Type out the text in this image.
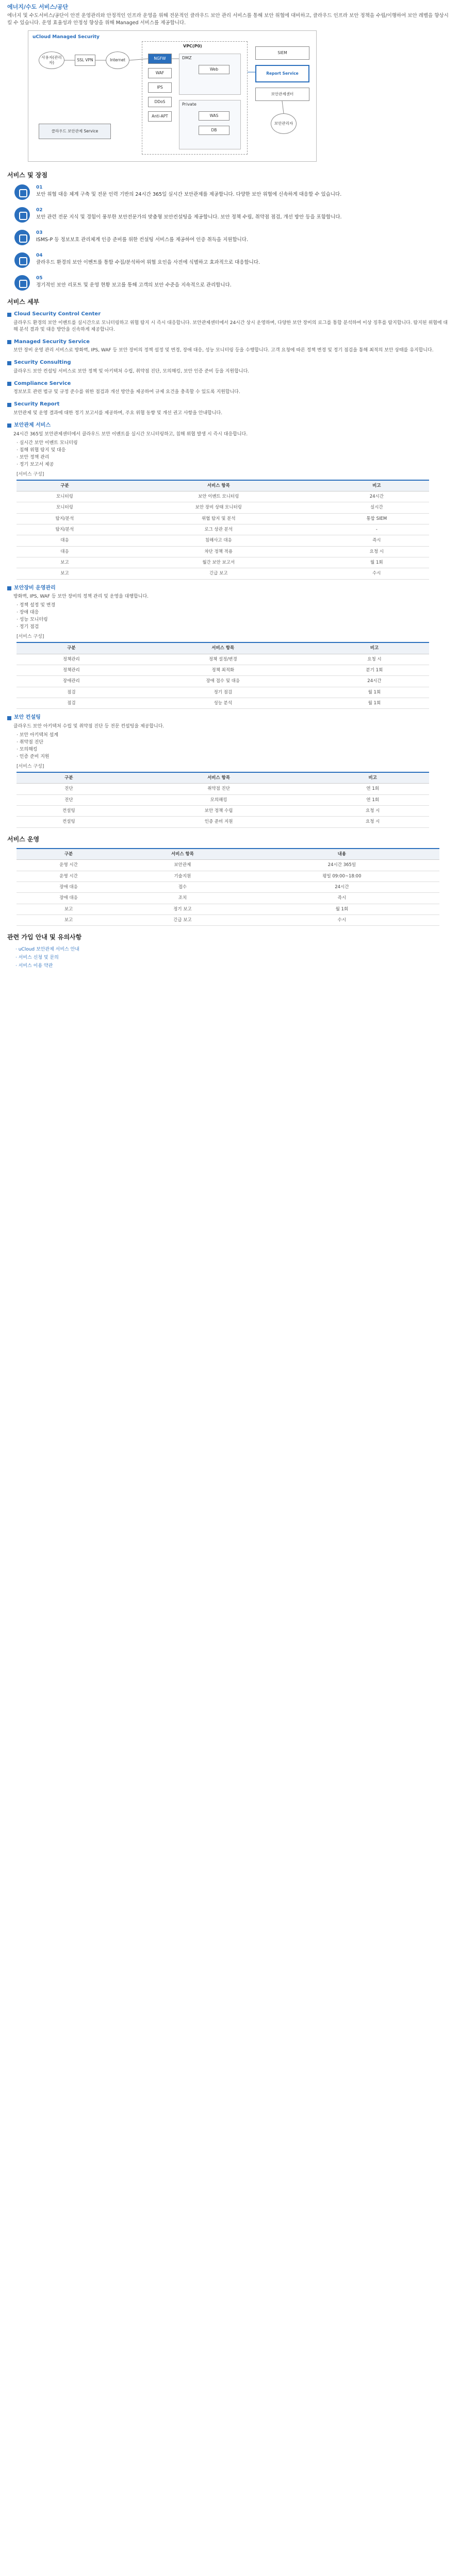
에너지/수도 서비스/공단
에너지 및 수도서비스/공단이 안전 운영관리와 안정적인 인프라 운영을 위해 전문적인 클라우드 보안 관리 서비스를 통해 보안 위협에 대비하고, 클라우드 인프라 보안 정책을 수립/이행하여 보안 레벨을 향상시킬 수 있습니다. 운영 효율성과 안정성 향상을 위해 Managed 서비스를 제공합니다.
uCloud Managed Security
사용자(관리자)
SSL VPN	Internet
VPC(P0)
NGFW
WAF
IPS
DDoS
Anti-APT
DMZ
Web
Private
WAS
DB
SIEM
Report Service
보안관제센터
보안관리자
클라우드 보안관제 Service
서비스 및 장점
01
보안 위협 대응 체계 구축 및 전문 인력 기반의 24시간 365일 실시간 보안관제를 제공합니다. 다양한 보안 위협에 신속하게 대응할 수 있습니다.
02
보안 관련 전문 지식 및 경험이 풍부한 보안전문가의 맞춤형 보안컨설팅을 제공합니다. 보안 정책 수립, 취약점 점검, 개선 방안 등을 포함합니다.
03
ISMS-P 등 정보보호 관리체계 인증 준비를 위한 컨설팅 서비스를 제공하여 인증 취득을 지원합니다.
04
클라우드 환경의 보안 이벤트를 통합 수집/분석하여 위협 요인을 사전에 식별하고 효과적으로 대응합니다.
05
정기적인 보안 리포트 및 운영 현황 보고를 통해 고객의 보안 수준을 지속적으로 관리합니다.
서비스 세부
Cloud Security Control Center
클라우드 환경의 보안 이벤트를 실시간으로 모니터링하고 위협 탐지 시 즉시 대응합니다. 보안관제센터에서 24시간 상시 운영하며, 다양한 보안 장비의 로그를 통합 분석하여 이상 징후를 탐지합니다. 탐지된 위협에 대해 분석 결과 및 대응 방안을 신속하게 제공합니다.
Managed Security Service
보안 장비 운영 관리 서비스로 방화벽, IPS, WAF 등 보안 장비의 정책 설정 및 변경, 장애 대응, 성능 모니터링 등을 수행합니다. 고객 요청에 따른 정책 변경 및 정기 점검을 통해 최적의 보안 상태를 유지합니다.
Security Consulting
클라우드 보안 컨설팅 서비스로 보안 정책 및 아키텍처 수립, 취약점 진단, 모의해킹, 보안 인증 준비 등을 지원합니다.
Compliance Service
정보보호 관련 법규 및 규정 준수를 위한 점검과 개선 방안을 제공하여 규제 요건을 충족할 수 있도록 지원합니다.
Security Report
보안관제 및 운영 결과에 대한 정기 보고서를 제공하며, 주요 위협 동향 및 개선 권고 사항을 안내합니다.
보안관제 서비스
24시간 365일 보안관제센터에서 클라우드 보안 이벤트를 실시간 모니터링하고, 침해 위협 발생 시 즉시 대응합니다.
· 실시간 보안 이벤트 모니터링
· 침해 위협 탐지 및 대응
· 보안 정책 관리
· 정기 보고서 제공
[서비스 구성]
구분	서비스 항목	비고
모니터링	보안 이벤트 모니터링	24시간
모니터링	보안 장비 상태 모니터링	실시간
탐지/분석	위협 탐지 및 분석	통합 SIEM
탐지/분석	로그 상관 분석	-
대응	침해사고 대응	즉시
대응	차단 정책 적용	요청 시
보고	월간 보안 보고서	월 1회
보고	긴급 보고	수시
보안장비 운영관리
방화벽, IPS, WAF 등 보안 장비의 정책 관리 및 운영을 대행합니다.
· 정책 설정 및 변경
· 장애 대응
· 성능 모니터링
· 정기 점검
[서비스 구성]
구분	서비스 항목	비고
정책관리	정책 설정/변경	요청 시
정책관리	정책 최적화	분기 1회
장애관리	장애 접수 및 대응	24시간
점검	정기 점검	월 1회
점검	성능 분석	월 1회
보안 컨설팅
클라우드 보안 아키텍처 수립 및 취약점 진단 등 전문 컨설팅을 제공합니다.
· 보안 아키텍처 설계
· 취약점 진단
· 모의해킹
· 인증 준비 지원
[서비스 구성]
구분	서비스 항목	비고
진단	취약점 진단	연 1회
진단	모의해킹	연 1회
컨설팅	보안 정책 수립	요청 시
컨설팅	인증 준비 지원	요청 시
서비스 운영
구분	서비스 항목	내용
운영 시간	보안관제	24시간 365일
운영 시간	기술지원	평일 09:00~18:00
장애 대응	접수	24시간
장애 대응	조치	즉시
보고	정기 보고	월 1회
보고	긴급 보고	수시
관련 가입 안내 및 유의사항
· uCloud 보안관제 서비스 안내
· 서비스 신청 및 문의
· 서비스 이용 약관
